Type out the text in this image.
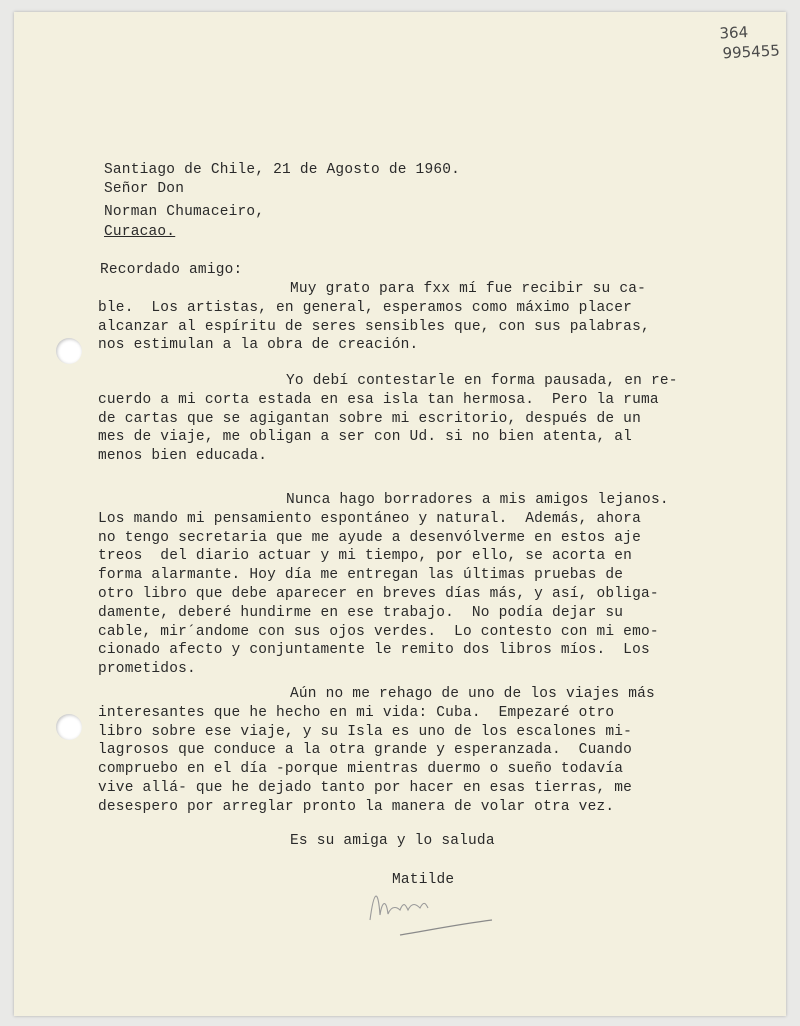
364
995455
Santiago de Chile, 21 de Agosto de 1960.
Señor Don
Norman Chumaceiro,
Curacao.
Recordado amigo:
Muy grato para fxx mí fue recibir su ca-
ble.  Los artistas, en general, esperamos como máximo placer
alcanzar al espíritu de seres sensibles que, con sus palabras,
nos estimulan a la obra de creación.
Yo debí contestarle en forma pausada, en re-
cuerdo a mi corta estada en esa isla tan hermosa.  Pero la ruma
de cartas que se agigantan sobre mi escritorio, después de un
mes de viaje, me obligan a ser con Ud. si no bien atenta, al
menos bien educada.
Nunca hago borradores a mis amigos lejanos.
Los mando mi pensamiento espontáneo y natural.  Además, ahora
no tengo secretaria que me ayude a desenvólverme en estos aje
treos  del diario actuar y mi tiempo, por ello, se acorta en
forma alarmante. Hoy día me entregan las últimas pruebas de
otro libro que debe aparecer en breves días más, y así, obliga-
damente, deberé hundirme en ese trabajo.  No podía dejar su
cable, mir´andome con sus ojos verdes.  Lo contesto con mi emo-
cionado afecto y conjuntamente le remito dos libros míos.  Los
prometidos.
Aún no me rehago de uno de los viajes más
interesantes que he hecho en mi vida: Cuba.  Empezaré otro
libro sobre ese viaje, y su Isla es uno de los escalones mi-
lagrosos que conduce a la otra grande y esperanzada.  Cuando
compruebo en el día -porque mientras duermo o sueño todavía
vive allá- que he dejado tanto por hacer en esas tierras, me
desespero por arreglar pronto la manera de volar otra vez.
Es su amiga y lo saluda
Matilde
